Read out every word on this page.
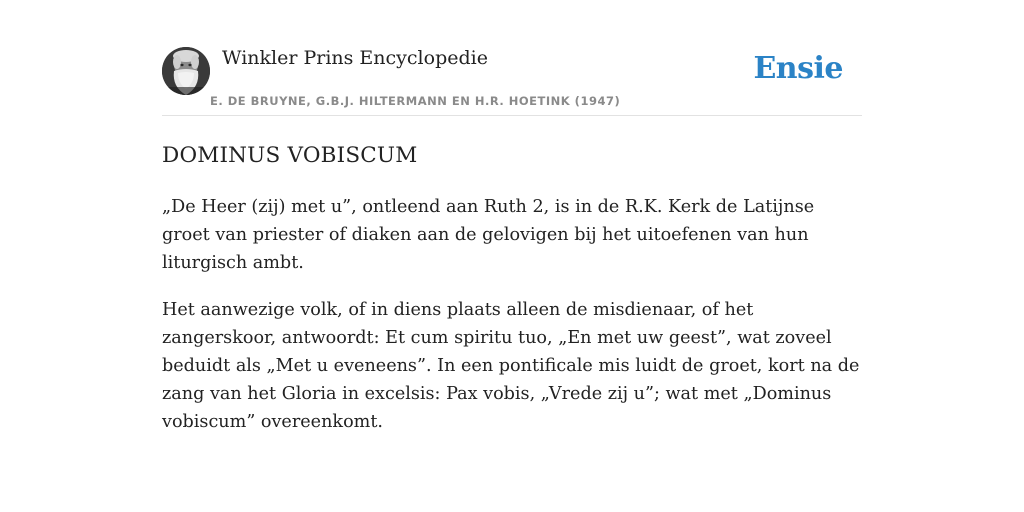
Winkler Prins Encyclopedie
E. DE BRUYNE, G.B.J. HILTERMANN EN H.R. HOETINK (1947)
Ensie
DOMINUS VOBISCUM

„De Heer (zij) met u”, ontleend aan Ruth 2, is in de R.K. Kerk de Latijnse groet van priester of diaken aan de gelovigen bij het uitoefenen van hun liturgisch ambt.

Het aanwezige volk, of in diens plaats alleen de misdienaar, of het zangerskoor, antwoordt: Et cum spiritu tuo, „En met uw geest”, wat zoveel beduidt als „Met u eveneens”. In een pontificale mis luidt de groet, kort na de zang van het Gloria in excelsis: Pax vobis, „Vrede zij u”; wat met „Dominus vobiscum” overeenkomt.
